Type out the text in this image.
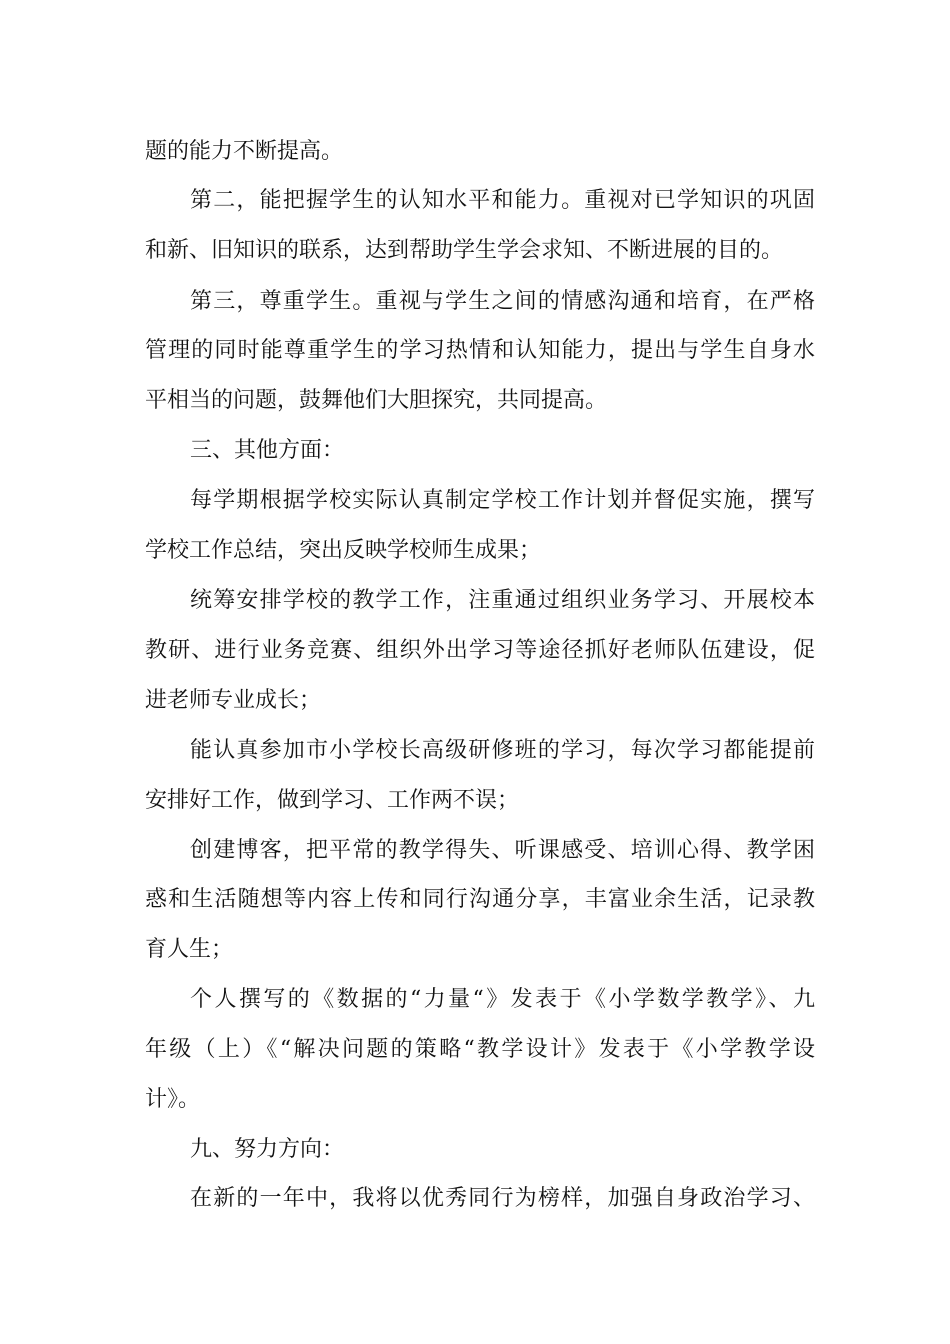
题的能力不断提高。
第二，能把握学生的认知水平和能力。重视对已学知识的巩固
和新、旧知识的联系，达到帮助学生学会求知、不断进展的目的。
第三，尊重学生。重视与学生之间的情感沟通和培育，在严格
管理的同时能尊重学生的学习热情和认知能力，提出与学生自身水
平相当的问题，鼓舞他们大胆探究，共同提高。
三、其他方面：
每学期根据学校实际认真制定学校工作计划并督促实施，撰写
学校工作总结，突出反映学校师生成果；
统筹安排学校的教学工作，注重通过组织业务学习、开展校本
教研、进行业务竞赛、组织外出学习等途径抓好老师队伍建设，促
进老师专业成长；
能认真参加市小学校长高级研修班的学习，每次学习都能提前
安排好工作，做到学习、工作两不误；
创建博客，把平常的教学得失、听课感受、培训心得、教学困
惑和生活随想等内容上传和同行沟通分享，丰富业余生活，记录教
育人生；
个人撰写的《数据的“力量“》发表于《小学数学教学》、九
年级（上）《“解决问题的策略“教学设计》发表于《小学教学设
计》。
九、努力方向：
在新的一年中，我将以优秀同行为榜样，加强自身政治学习、
